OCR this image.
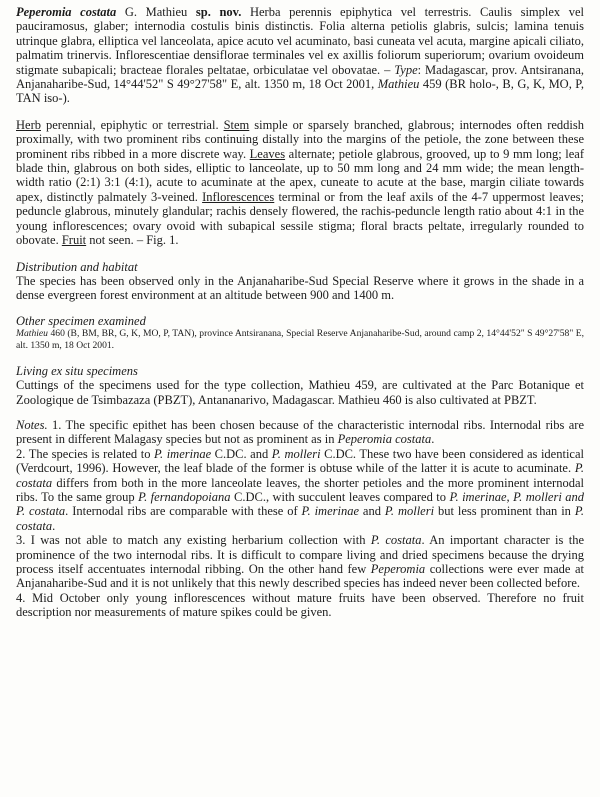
Peperomia costata G. Mathieu sp. nov. Herba perennis epiphytica vel terrestris. Caulis simplex vel pauciramosus, glaber; internodia costulis binis distinctis. Folia alterna petiolis glabris, sulcis; lamina tenuis utrinque glabra, elliptica vel lanceolata, apice acuto vel acuminato, basi cuneata vel acuta, margine apicali ciliato, palmatim trinervis. Inflorescentiae densiflorae terminales vel ex axillis foliorum superiorum; ovarium ovoideum stigmate subapicali; bracteae florales peltatae, orbiculatae vel obovatae. – Type: Madagascar, prov. Antsiranana, Anjanaharibe-Sud, 14°44'52" S 49°27'58" E, alt. 1350 m, 18 Oct 2001, Mathieu 459 (BR holo-, B, G, K, MO, P, TAN iso-).

Herb perennial, epiphytic or terrestrial. Stem simple or sparsely branched, glabrous; internodes often reddish proximally, with two prominent ribs continuing distally into the margins of the petiole, the zone between these prominent ribs ribbed in a more discrete way. Leaves alternate; petiole glabrous, grooved, up to 9 mm long; leaf blade thin, glabrous on both sides, elliptic to lanceolate, up to 50 mm long and 24 mm wide; the mean length-width ratio (2:1) 3:1 (4:1), acute to acuminate at the apex, cuneate to acute at the base, margin ciliate towards apex, distinctly palmately 3-veined. Inflorescences terminal or from the leaf axils of the 4-7 uppermost leaves; peduncle glabrous, minutely glandular; rachis densely flowered, the rachis-peduncle length ratio about 4:1 in the young inflorescences; ovary ovoid with subapical sessile stigma; floral bracts peltate, irregularly rounded to obovate. Fruit not seen. – Fig. 1.

Distribution and habitat

The species has been observed only in the Anjanaharibe-Sud Special Reserve where it grows in the shade in a dense evergreen forest environment at an altitude between 900 and 1400 m.

Other specimen examined

Mathieu 460 (B, BM, BR, G, K, MO, P, TAN), province Antsiranana, Special Reserve Anjanaharibe-Sud, around camp 2, 14°44'52" S 49°27'58" E, alt. 1350 m, 18 Oct 2001.

Living ex situ specimens

Cuttings of the specimens used for the type collection, Mathieu 459, are cultivated at the Parc Botanique et Zoologique de Tsimbazaza (PBZT), Antananarivo, Madagascar. Mathieu 460 is also cultivated at PBZT.

Notes. 1. The specific epithet has been chosen because of the characteristic internodal ribs. Internodal ribs are present in different Malagasy species but not as prominent as in Peperomia costata.

2. The species is related to P. imerinae C.DC. and P. molleri C.DC. These two have been considered as identical (Verdcourt, 1996). However, the leaf blade of the former is obtuse while of the latter it is acute to acuminate. P. costata differs from both in the more lanceolate leaves, the shorter petioles and the more prominent internodal ribs. To the same group P. fernandopoiana C.DC., with succulent leaves compared to P. imerinae, P. molleri and P. costata. Internodal ribs are comparable with these of P. imerinae and P. molleri but less prominent than in P. costata.

3. I was not able to match any existing herbarium collection with P. costata. An important character is the prominence of the two internodal ribs. It is difficult to compare living and dried specimens because the drying process itself accentuates internodal ribbing. On the other hand few Peperomia collections were ever made at Anjanaharibe-Sud and it is not unlikely that this newly described species has indeed never been collected before.

4. Mid October only young inflorescences without mature fruits have been observed. Therefore no fruit description nor measurements of mature spikes could be given.
